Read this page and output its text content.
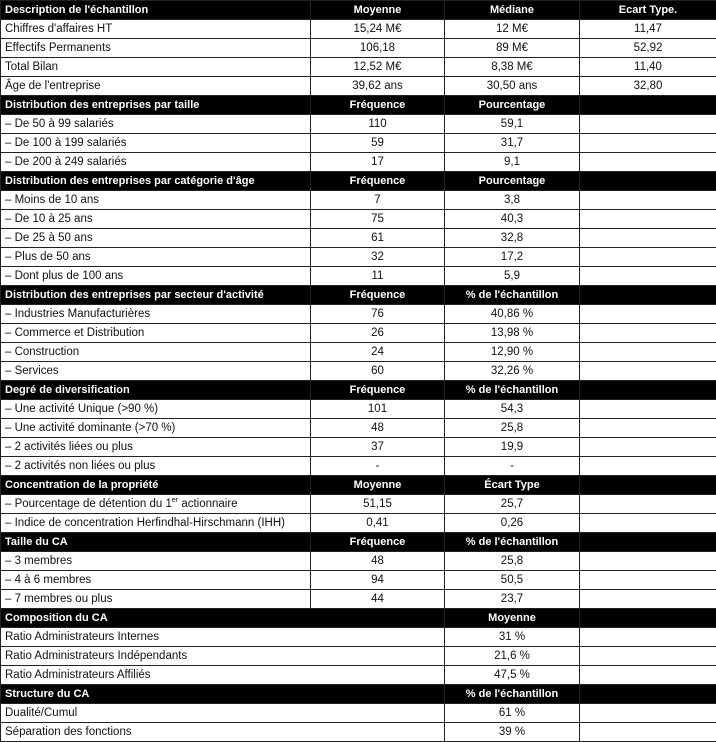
Description de l'échantillon	Moyenne	Médiane	Ecart Type.
Chiffres d'affaires HT	15,24 M€	12 M€	11,47
Effectifs Permanents	106,18	89 M€	52,92
Total Bilan	12,52 M€	8,38 M€	11,40
Âge de l'entreprise	39,62 ans	30,50 ans	32,80
Distribution des entreprises par taille	Fréquence	Pourcentage	
– De 50 à 99 salariés	110	59,1	
– De 100 à 199 salariés	59	31,7	
– De 200 à 249 salariés	17	9,1	
Distribution des entreprises par catégorie d'âge	Fréquence	Pourcentage	
– Moins de 10 ans	7	3,8	
– De 10 à 25 ans	75	40,3	
– De 25 à 50 ans	61	32,8	
– Plus de 50 ans	32	17,2	
– Dont plus de 100 ans	11	5,9	
Distribution des entreprises par secteur d'activité	Fréquence	% de l'échantillon	
– Industries Manufacturières	76	40,86 %	
– Commerce et Distribution	26	13,98 %	
– Construction	24	12,90 %	
– Services	60	32,26 %	
Degré de diversification	Fréquence	% de l'échantillon	
– Une activité Unique (>90 %)	101	54,3	
– Une activité dominante (>70 %)	48	25,8	
– 2 activités liées ou plus	37	19,9	
– 2 activités non liées ou plus	-	-	
Concentration de la propriété	Moyenne	Écart Type	
– Pourcentage de détention du 1er actionnaire	51,15	25,7	
– Indice de concentration Herfindhal-Hirschmann (IHH)	0,41	0,26	
Taille du CA	Fréquence	% de l'échantillon	
– 3 membres	48	25,8	
– 4 à 6 membres	94	50,5	
– 7 membres ou plus	44	23,7	
Composition du CA		Moyenne	
Ratio Administrateurs Internes		31 %	
Ratio Administrateurs Indépendants		21,6 %	
Ratio Administrateurs Affiliés		47,5 %	
Structure du CA		% de l'échantillon	
Dualité/Cumul		61 %	
Séparation des fonctions		39 %	
